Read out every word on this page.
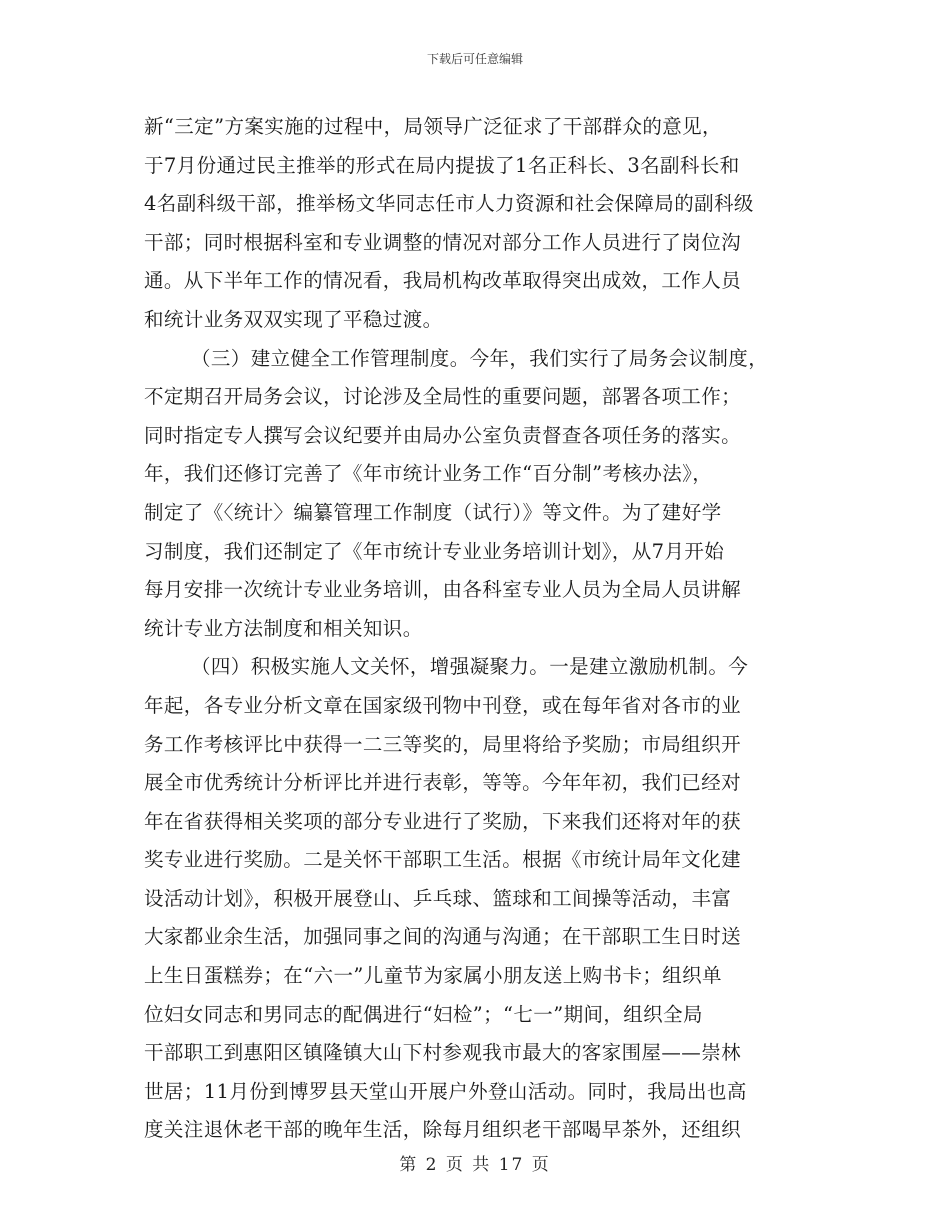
下载后可任意编辑
新“三定”方案实施的过程中，局领导广泛征求了干部群众的意见，
于7月份通过民主推举的形式在局内提拔了1名正科长、3名副科长和
4名副科级干部，推举杨文华同志任市人力资源和社会保障局的副科级
干部；同时根据科室和专业调整的情况对部分工作人员进行了岗位沟
通。从下半年工作的情况看，我局机构改革取得突出成效，工作人员
和统计业务双双实现了平稳过渡。
（三）建立健全工作管理制度。今年，我们实行了局务会议制度，
不定期召开局务会议，讨论涉及全局性的重要问题，部署各项工作；
同时指定专人撰写会议纪要并由局办公室负责督查各项任务的落实。
年，我们还修订完善了《年市统计业务工作“百分制”考核办法》，
制定了《〈统计〉编纂管理工作制度（试行）》等文件。为了建好学
习制度，我们还制定了《年市统计专业业务培训计划》，从7月开始
每月安排一次统计专业业务培训，由各科室专业人员为全局人员讲解
统计专业方法制度和相关知识。
（四）积极实施人文关怀，增强凝聚力。一是建立激励机制。今
年起，各专业分析文章在国家级刊物中刊登，或在每年省对各市的业
务工作考核评比中获得一二三等奖的，局里将给予奖励；市局组织开
展全市优秀统计分析评比并进行表彰，等等。今年年初，我们已经对
年在省获得相关奖项的部分专业进行了奖励，下来我们还将对年的获
奖专业进行奖励。二是关怀干部职工生活。根据《市统计局年文化建
设活动计划》，积极开展登山、乒乓球、篮球和工间操等活动，丰富
大家都业余生活，加强同事之间的沟通与沟通；在干部职工生日时送
上生日蛋糕券；在“六一”儿童节为家属小朋友送上购书卡；组织单
位妇女同志和男同志的配偶进行“妇检”；“七一”期间，组织全局
干部职工到惠阳区镇隆镇大山下村参观我市最大的客家围屋——崇林
世居；11月份到博罗县天堂山开展户外登山活动。同时，我局出也高
度关注退休老干部的晚年生活，除每月组织老干部喝早茶外，还组织
第 2 页 共 17 页
